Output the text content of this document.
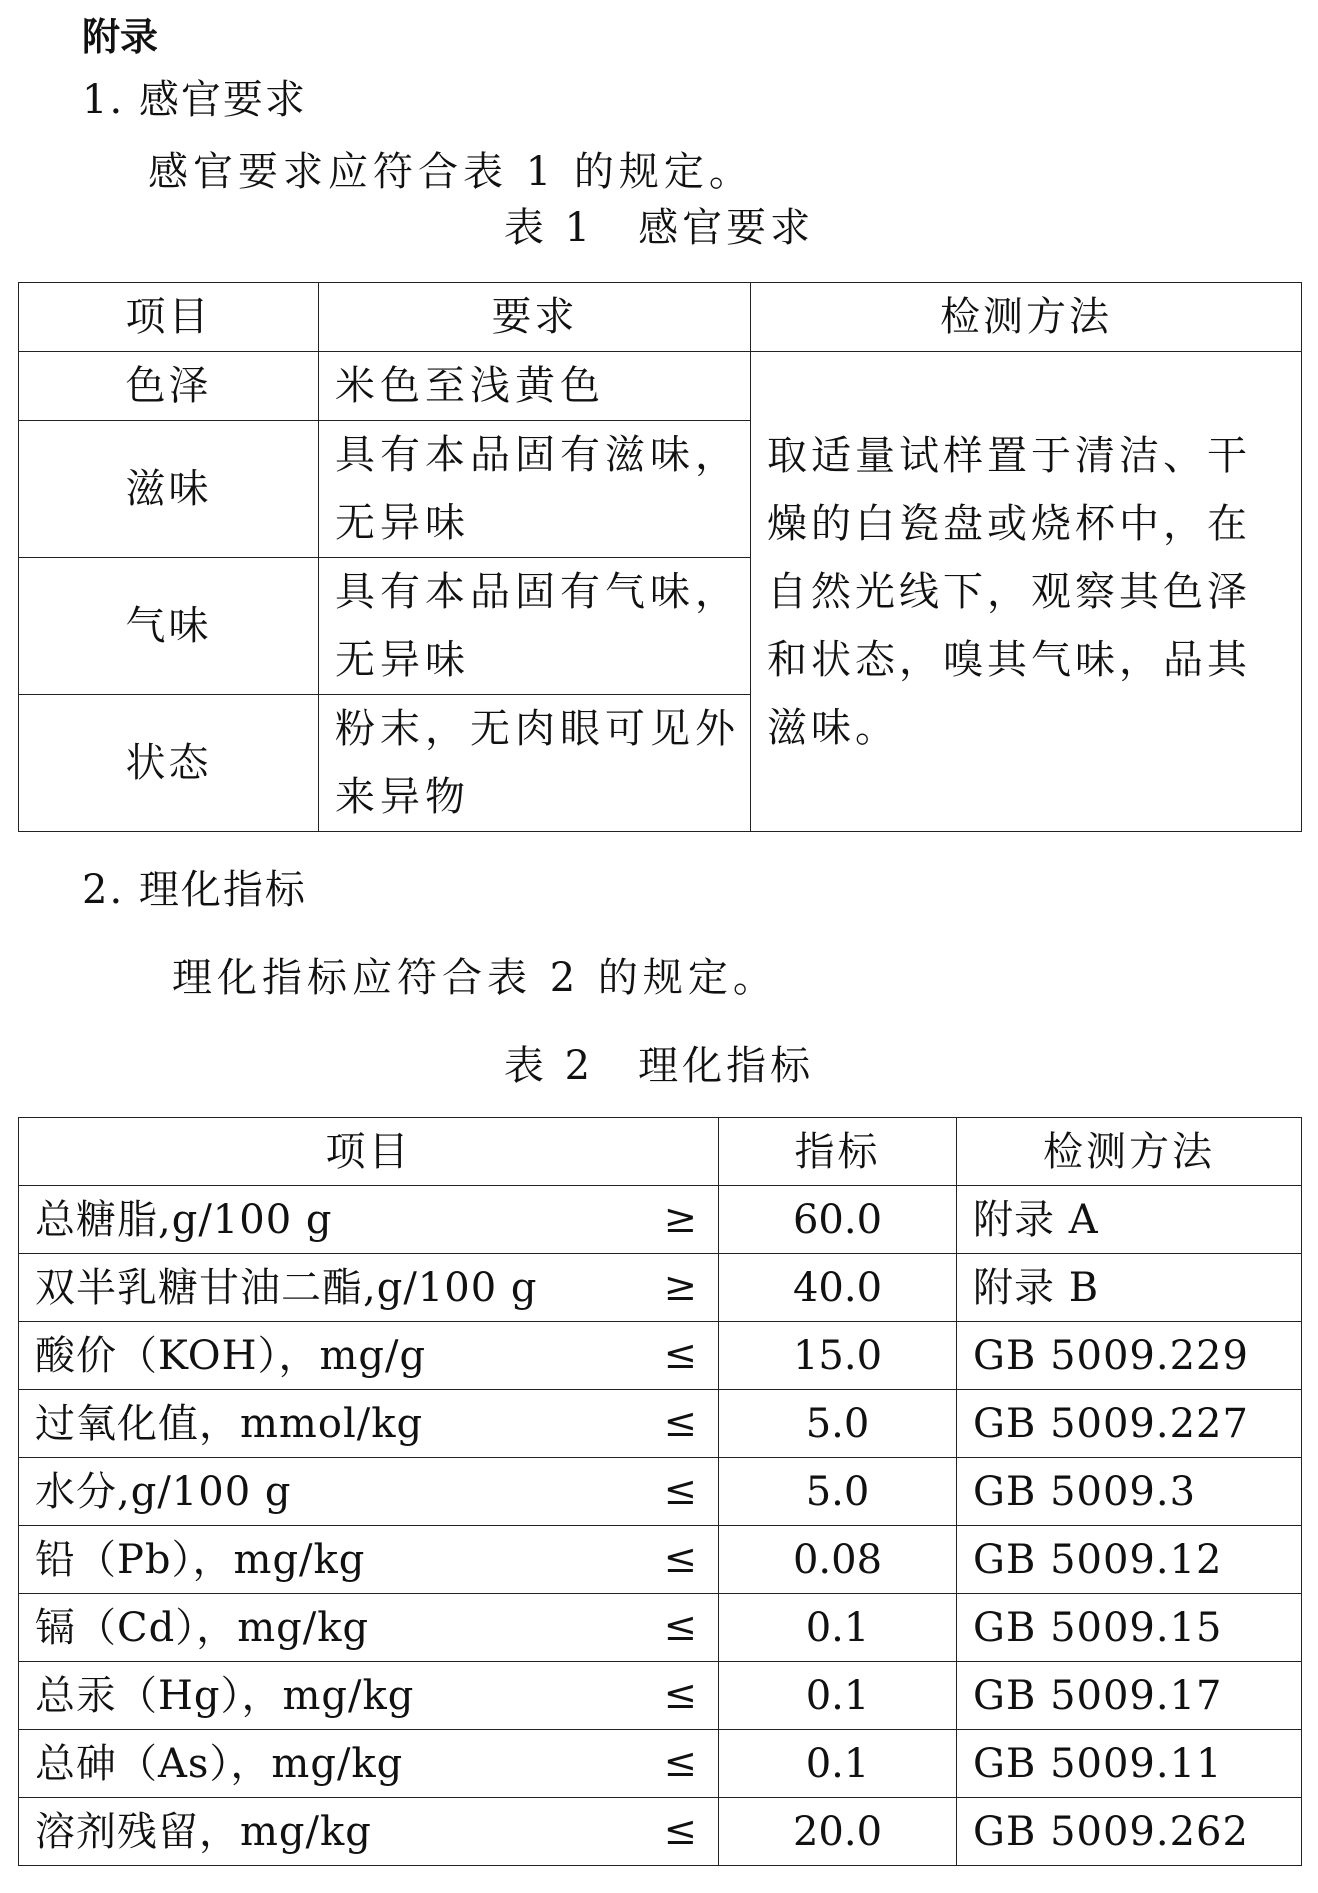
附录
1. 感官要求
感官要求应符合表 1 的规定。
表 1　感官要求
项目	要求	检测方法
色泽	米色至浅黄色	取适量试样置于清洁、干燥的白瓷盘或烧杯中，在自然光线下，观察其色泽和状态，嗅其气味，品其滋味。
滋味	具有本品固有滋味，
无异味	

气味	具有本品固有气味，
无异味	

状态	粉末，无肉眼可见外
来异物	
2. 理化指标
理化指标应符合表 2 的规定。
表 2　理化指标
项目	指标	检测方法
总糖脂,g/100 g ≥	60.0	附录 A
双半乳糖甘油二酯,g/100 g ≥	40.0	附录 B
酸价（KOH），mg/g ≤	15.0	GB 5009.229
过氧化值，mmol/kg ≤	5.0	GB 5009.227
水分,g/100 g ≤	5.0	GB 5009.3
铅（Pb），mg/kg ≤	0.08	GB 5009.12
镉（Cd），mg/kg ≤	0.1	GB 5009.15
总汞（Hg），mg/kg ≤	0.1	GB 5009.17
总砷（As），mg/kg ≤	0.1	GB 5009.11
溶剂残留，mg/kg ≤	20.0	GB 5009.262
